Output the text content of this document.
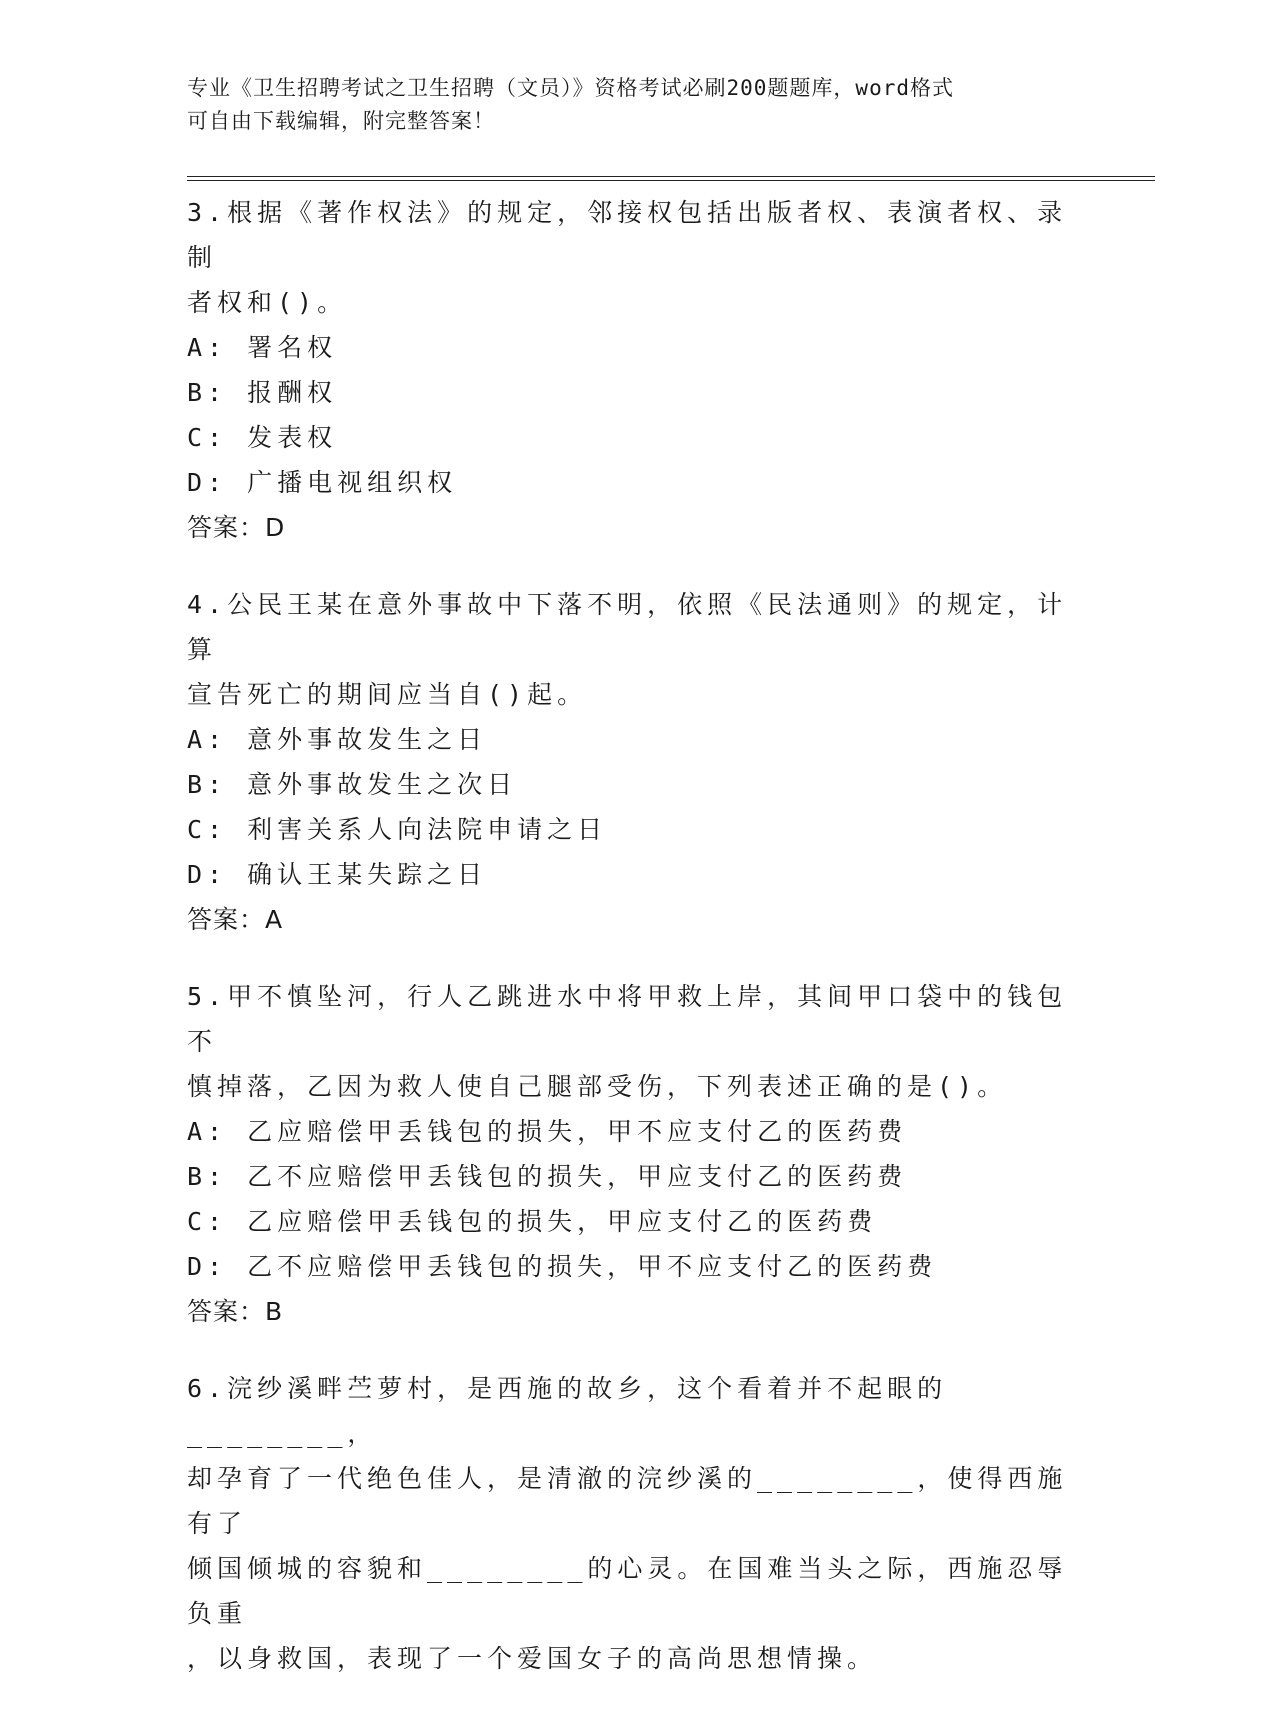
专业《卫生招聘考试之卫生招聘（文员）》资格考试必刷200题题库，word格式
可自由下载编辑，附完整答案！
3.根据《著作权法》的规定，邻接权包括出版者权、表演者权、录制
者权和()。
A: 署名权
B: 报酬权
C: 发表权
D: 广播电视组织权
答案：D
4.公民王某在意外事故中下落不明，依照《民法通则》的规定，计算
宣告死亡的期间应当自()起。
A: 意外事故发生之日
B: 意外事故发生之次日
C: 利害关系人向法院申请之日
D: 确认王某失踪之日
答案：A
5.甲不慎坠河，行人乙跳进水中将甲救上岸，其间甲口袋中的钱包不
慎掉落，乙因为救人使自己腿部受伤，下列表述正确的是()。
A: 乙应赔偿甲丢钱包的损失，甲不应支付乙的医药费
B: 乙不应赔偿甲丢钱包的损失，甲应支付乙的医药费
C: 乙应赔偿甲丢钱包的损失，甲应支付乙的医药费
D: 乙不应赔偿甲丢钱包的损失，甲不应支付乙的医药费
答案：B
6.浣纱溪畔苎萝村，是西施的故乡，这个看着并不起眼的________，
却孕育了一代绝色佳人，是清澈的浣纱溪的________，使得西施有了
倾国倾城的容貌和________的心灵。在国难当头之际，西施忍辱负重
，以身救国，表现了一个爱国女子的高尚思想情操。
